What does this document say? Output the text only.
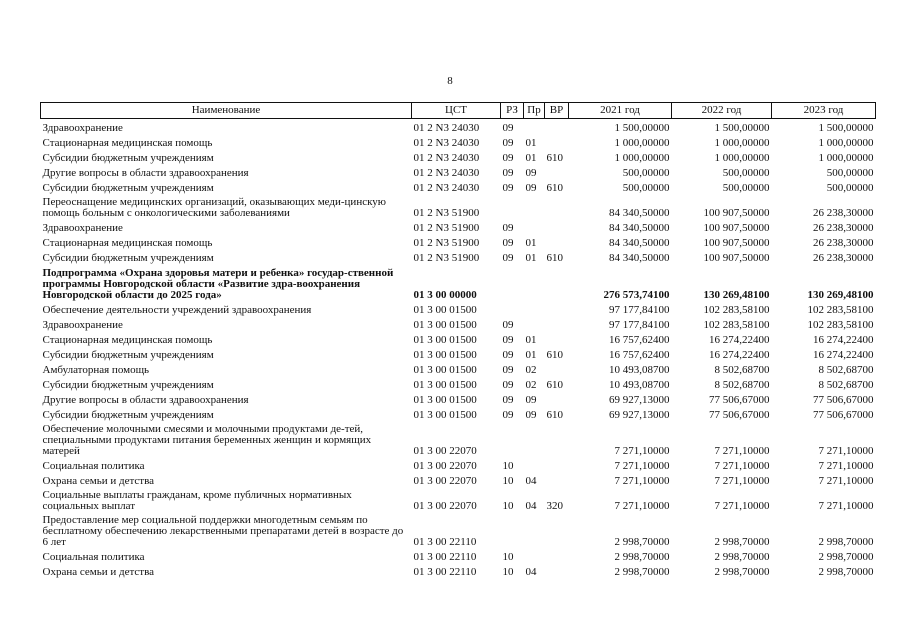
8
Наименование	ЦСТ	РЗ	Пр	ВР	2021 год	2022 год	2023 год
Здравоохранение	01 2 N3 24030	09			1 500,00000	1 500,00000	1 500,00000
Стационарная медицинская помощь	01 2 N3 24030	09	01		1 000,00000	1 000,00000	1 000,00000
Субсидии бюджетным учреждениям	01 2 N3 24030	09	01	610	1 000,00000	1 000,00000	1 000,00000
Другие вопросы в области здравоохранения	01 2 N3 24030	09	09		500,00000	500,00000	500,00000
Субсидии бюджетным учреждениям	01 2 N3 24030	09	09	610	500,00000	500,00000	500,00000
Переоснащение медицинских организаций, оказывающих меди-цинскую помощь больным с онкологическими заболеваниями	01 2 N3 51900				84 340,50000	100 907,50000	26 238,30000
Здравоохранение	01 2 N3 51900	09			84 340,50000	100 907,50000	26 238,30000
Стационарная медицинская помощь	01 2 N3 51900	09	01		84 340,50000	100 907,50000	26 238,30000
Субсидии бюджетным учреждениям	01 2 N3 51900	09	01	610	84 340,50000	100 907,50000	26 238,30000
Подпрограмма «Охрана здоровья матери и ребенка» государ-ственной программы Новгородской области «Развитие здра-воохранения Новгородской области до 2025 года»	01 3 00 00000				276 573,74100	130 269,48100	130 269,48100
Обеспечение деятельности учреждений здравоохранения	01 3 00 01500				97 177,84100	102 283,58100	102 283,58100
Здравоохранение	01 3 00 01500	09			97 177,84100	102 283,58100	102 283,58100
Стационарная медицинская помощь	01 3 00 01500	09	01		16 757,62400	16 274,22400	16 274,22400
Субсидии бюджетным учреждениям	01 3 00 01500	09	01	610	16 757,62400	16 274,22400	16 274,22400
Амбулаторная помощь	01 3 00 01500	09	02		10 493,08700	8 502,68700	8 502,68700
Субсидии бюджетным учреждениям	01 3 00 01500	09	02	610	10 493,08700	8 502,68700	8 502,68700
Другие вопросы в области здравоохранения	01 3 00 01500	09	09		69 927,13000	77 506,67000	77 506,67000
Субсидии бюджетным учреждениям	01 3 00 01500	09	09	610	69 927,13000	77 506,67000	77 506,67000
Обеспечение молочными смесями и молочными продуктами де-тей, специальными продуктами питания беременных женщин и кормящих матерей	01 3 00 22070				7 271,10000	7 271,10000	7 271,10000
Социальная политика	01 3 00 22070	10			7 271,10000	7 271,10000	7 271,10000
Охрана семьи и детства	01 3 00 22070	10	04		7 271,10000	7 271,10000	7 271,10000
Социальные выплаты гражданам, кроме публичных нормативных социальных выплат	01 3 00 22070	10	04	320	7 271,10000	7 271,10000	7 271,10000
Предоставление мер социальной поддержки многодетным семьям по бесплатному обеспечению лекарственными препаратами детей в возрасте до 6 лет	01 3 00 22110				2 998,70000	2 998,70000	2 998,70000
Социальная политика	01 3 00 22110	10			2 998,70000	2 998,70000	2 998,70000
Охрана семьи и детства	01 3 00 22110	10	04		2 998,70000	2 998,70000	2 998,70000
